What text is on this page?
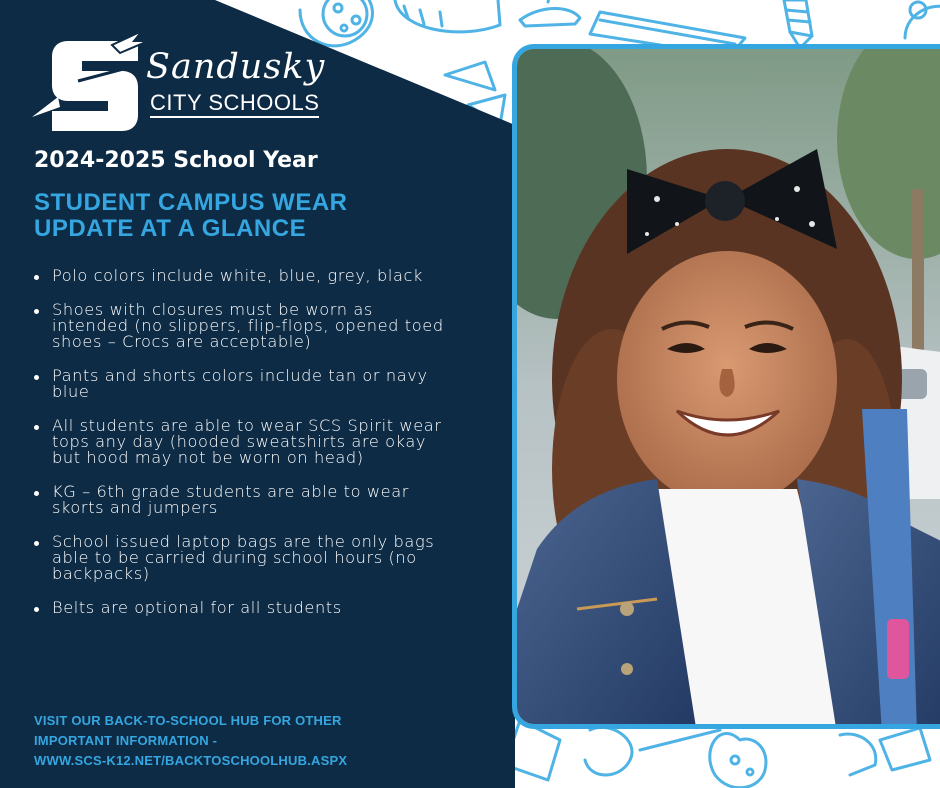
Sandusky
CITY SCHOOLS
2024-2025 School Year
STUDENT CAMPUS WEAR
UPDATE AT A GLANCE
Polo colors include white, blue, grey, black
Shoes with closures must be worn as intended (no slippers, flip-flops, opened toed shoes – Crocs are acceptable)
Pants and shorts colors include tan or navy blue
All students are able to wear SCS Spirit wear tops any day (hooded sweatshirts are okay but hood may not be worn on head)
KG – 6th grade students are able to wear skorts and jumpers
School issued laptop bags are the only bags able to be carried during school hours (no backpacks)
Belts are optional for all students
VISIT OUR BACK-TO-SCHOOL HUB FOR OTHER
IMPORTANT INFORMATION -
WWW.SCS-K12.NET/BACKTOSCHOOLHUB.ASPX
